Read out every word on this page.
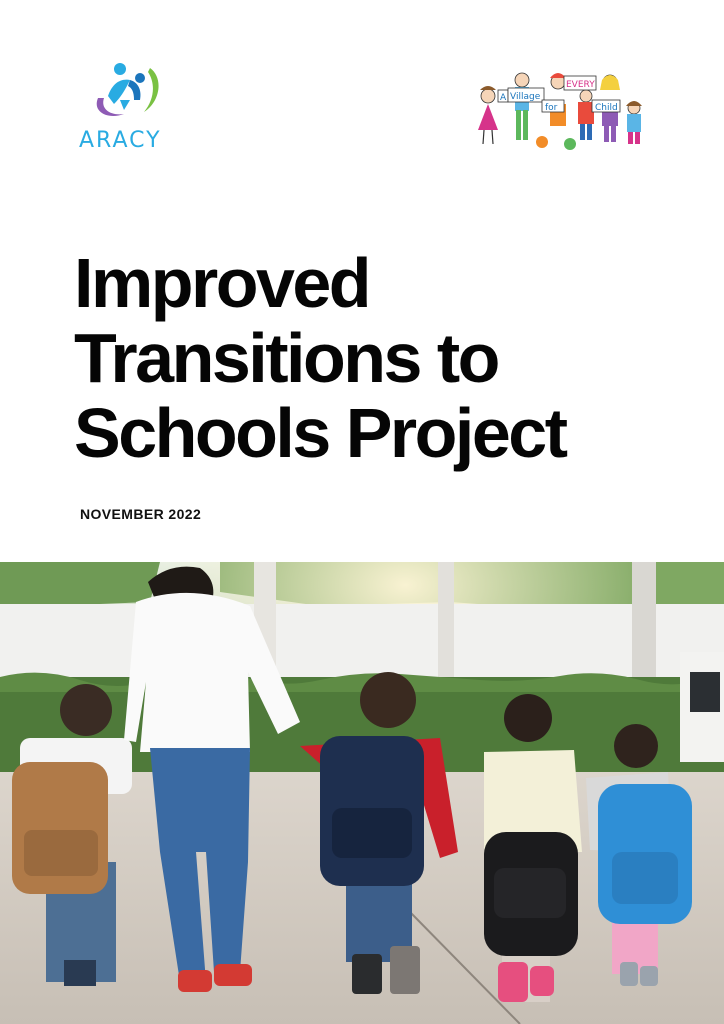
ARACY
A Village
for
EVERY
Child
Improved
Transitions to
Schools Project
NOVEMBER 2022
